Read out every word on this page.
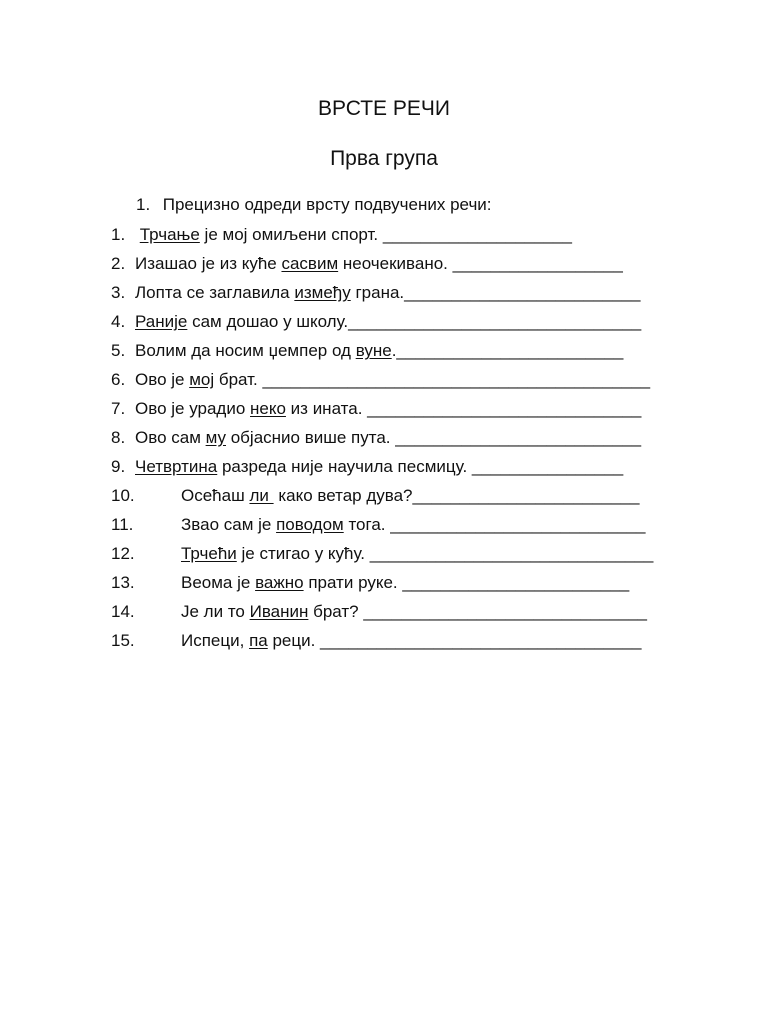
ВРСТЕ РЕЧИ
Прва група
1. Прецизно одреди врсту подвучених речи:
1. Трчање је мој омиљени спорт. ____________________
2. Изашао је из куће сасвим неочекивано. __________________
3. Лопта се заглавила између грана._________________________
4. Раније сам дошао у школу._______________________________
5. Волим да носим џемпер од вуне.________________________
6. Ово је мој брат. _________________________________________
7. Ово је урадио неко из ината. _____________________________
8. Ово сам му објаснио више пута. __________________________
9. Четвртина разреда није научила песмицу. ________________
10.	Осећаш ли  како ветар дува?________________________
11.	Звао сам је поводом тога. ___________________________
12.	Трчећи је стигао у кућу. ______________________________
13.	Веома је важно прати руке. ________________________
14.	Је ли то Иванин брат? ______________________________
15.	Испеци, па реци. __________________________________
